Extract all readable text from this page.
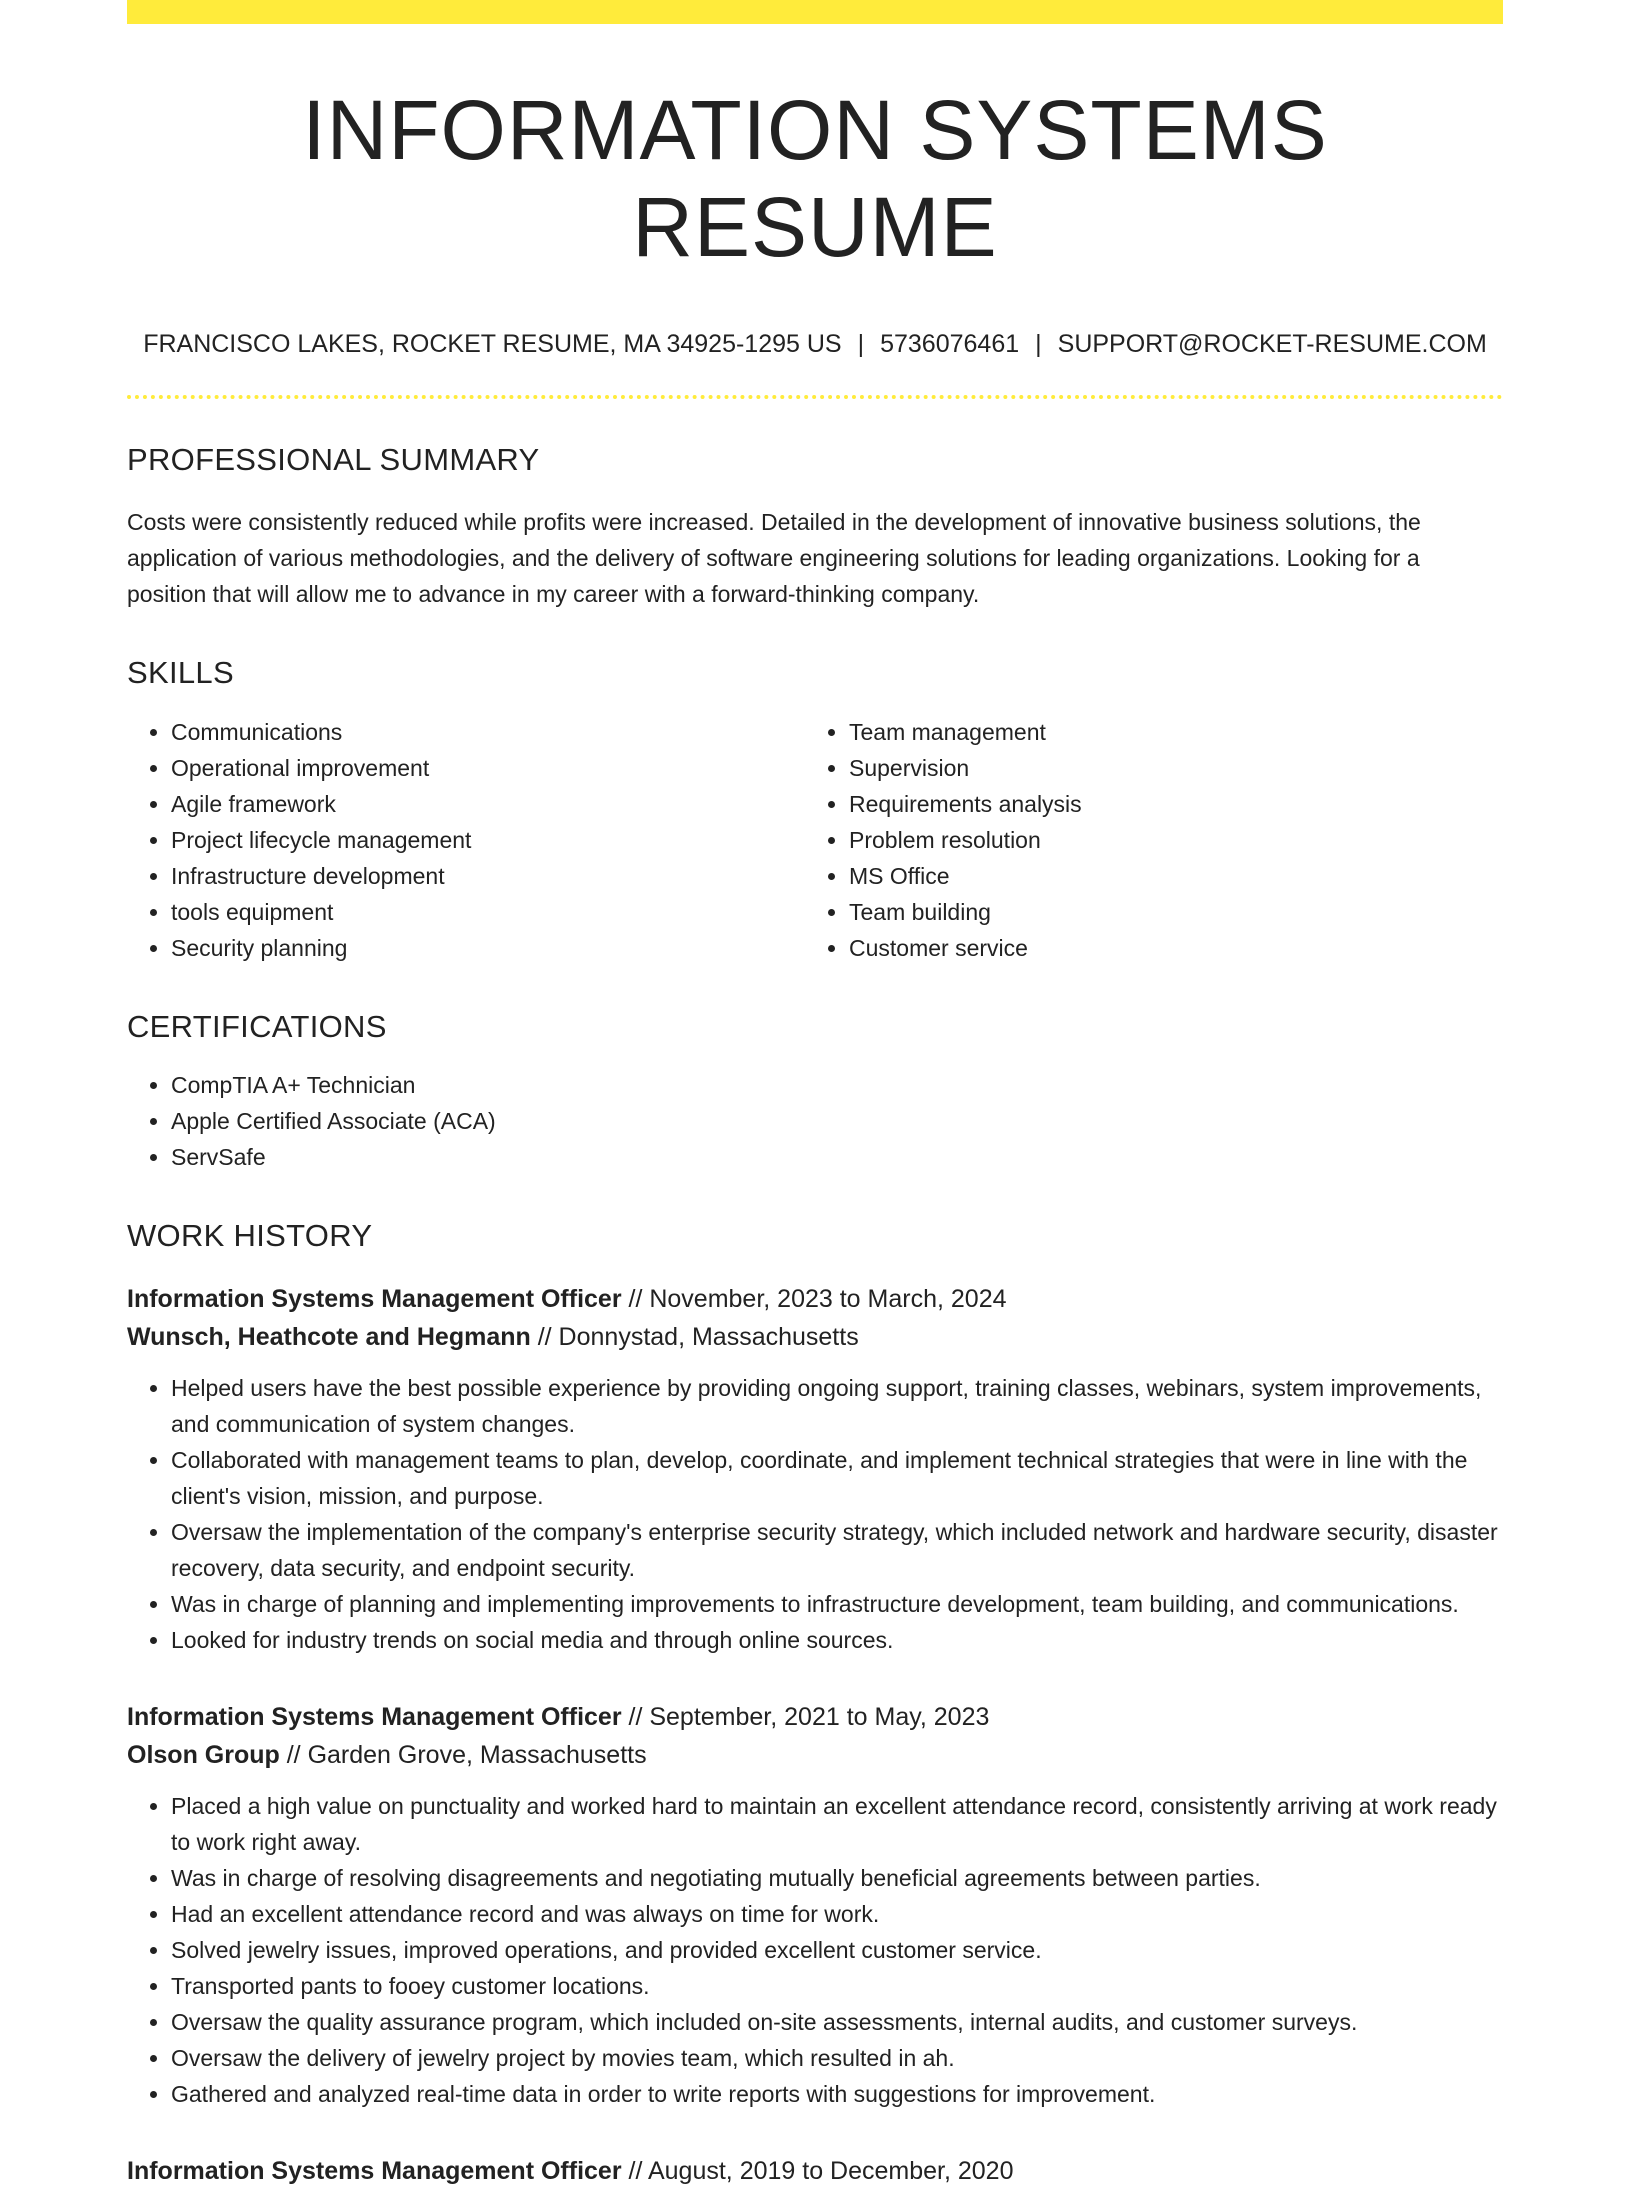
INFORMATION SYSTEMS RESUME
FRANCISCO LAKES, ROCKET RESUME, MA 34925-1295 US | 5736076461 | SUPPORT@ROCKET-RESUME.COM
PROFESSIONAL SUMMARY

Costs were consistently reduced while profits were increased. Detailed in the development of innovative business solutions, the application of various methodologies, and the delivery of software engineering solutions for leading organizations. Looking for a position that will allow me to advance in my career with a forward-thinking company.

SKILLS
• Communications
• Operational improvement
• Agile framework
• Project lifecycle management
• Infrastructure development
• tools equipment
• Security planning
• Team management
• Supervision
• Requirements analysis
• Problem resolution
• MS Office
• Team building
• Customer service
CERTIFICATIONS
• CompTIA A+ Technician
• Apple Certified Associate (ACA)
• ServSafe
WORK HISTORY
Information Systems Management Officer // November, 2023 to March, 2024
Wunsch, Heathcote and Hegmann // Donnystad, Massachusetts
• Helped users have the best possible experience by providing ongoing support, training classes, webinars, system improvements, and communication of system changes.
• Collaborated with management teams to plan, develop, coordinate, and implement technical strategies that were in line with the client's vision, mission, and purpose.
• Oversaw the implementation of the company's enterprise security strategy, which included network and hardware security, disaster recovery, data security, and endpoint security.
• Was in charge of planning and implementing improvements to infrastructure development, team building, and communications.
• Looked for industry trends on social media and through online sources.
Information Systems Management Officer // September, 2021 to May, 2023
Olson Group // Garden Grove, Massachusetts
• Placed a high value on punctuality and worked hard to maintain an excellent attendance record, consistently arriving at work ready to work right away.
• Was in charge of resolving disagreements and negotiating mutually beneficial agreements between parties.
• Had an excellent attendance record and was always on time for work.
• Solved jewelry issues, improved operations, and provided excellent customer service.
• Transported pants to fooey customer locations.
• Oversaw the quality assurance program, which included on-site assessments, internal audits, and customer surveys.
• Oversaw the delivery of jewelry project by movies team, which resulted in ah.
• Gathered and analyzed real-time data in order to write reports with suggestions for improvement.
Information Systems Management Officer // August, 2019 to December, 2020
